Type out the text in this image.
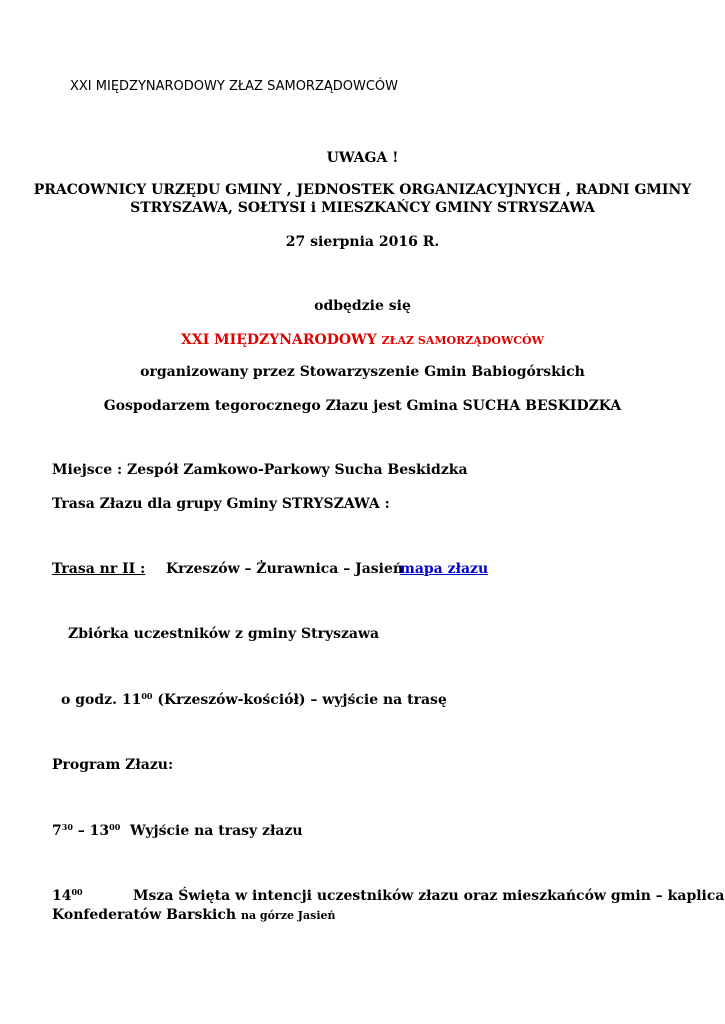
XXI MIĘDZYNARODOWY ZŁAZ SAMORZĄDOWCÓW
UWAGA !
PRACOWNICY URZĘDU GMINY , JEDNOSTEK ORGANIZACYJNYCH , RADNI GMINY
STRYSZAWA, SOŁTYSI i MIESZKAŃCY GMINY STRYSZAWA
27 sierpnia 2016 R.
odbędzie się
XXI MIĘDZYNARODOWY ZŁAZ SAMORZĄDOWCÓW
organizowany przez Stowarzyszenie Gmin Babiogórskich
Gospodarzem tegorocznego Złazu jest Gmina SUCHA BESKIDZKA
Miejsce : Zespół Zamkowo-Parkowy Sucha Beskidzka
Trasa Złazu dla grupy Gminy STRYSZAWA :
Trasa nr II : Krzeszów – Żurawnica – Jasień
mapa złazu
Zbiórka uczestników z gminy Stryszawa
o godz. $11^{00}$ (Krzeszów-kościół) – wyjście na trasę
Program Złazu:
$7^{30} - 13^{00}$ Wyjście na trasy złazu
$14^{00}$	Msza Święta w intencji uczestników złazu oraz mieszkańców gmin – kaplica
Konfederatów Barskich na górze Jasień
